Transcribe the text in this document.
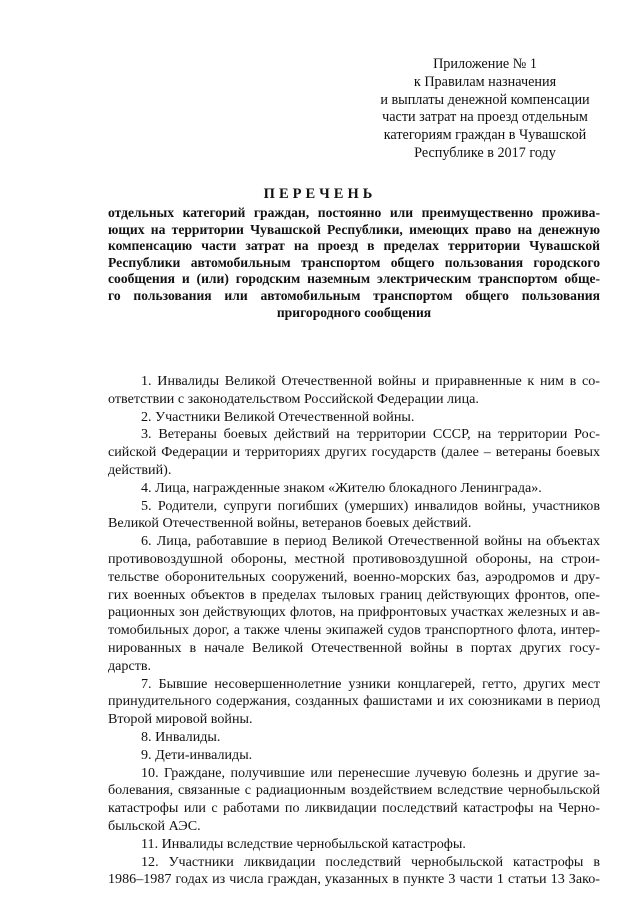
Приложение № 1
к Правилам назначения
и выплаты денежной компенсации
части затрат на проезд отдельным
категориям граждан в Чувашской
Республике в 2017 году
ПЕРЕЧЕНЬ
отдельных категорий граждан, постоянно или преимущественно прожива-
ющих на территории Чувашской Республики, имеющих право на денежную
компенсацию части затрат на проезд в пределах территории Чувашской
Республики автомобильным транспортом общего пользования городского
сообщения и (или) городским наземным электрическим транспортом обще-
го пользования или автомобильным транспортом общего пользования
пригородного сообщения
1. Инвалиды Великой Отечественной войны и приравненные к ним в со-
ответствии с законодательством Российской Федерации лица.
2. Участники Великой Отечественной войны.
3. Ветераны боевых действий на территории СССР, на территории Рос-
сийской Федерации и территориях других государств (далее – ветераны боевых
действий).
4. Лица, награжденные знаком «Жителю блокадного Ленинграда».
5. Родители, супруги погибших (умерших) инвалидов войны, участников
Великой Отечественной войны, ветеранов боевых действий.
6. Лица, работавшие в период Великой Отечественной войны на объектах
противовоздушной обороны, местной противовоздушной обороны, на строи-
тельстве оборонительных сооружений, военно-морских баз, аэродромов и дру-
гих военных объектов в пределах тыловых границ действующих фронтов, опе-
рационных зон действующих флотов, на прифронтовых участках железных и ав-
томобильных дорог, а также члены экипажей судов транспортного флота, интер-
нированных в начале Великой Отечественной войны в портах других госу-
дарств.
7. Бывшие несовершеннолетние узники концлагерей, гетто, других мест
принудительного содержания, созданных фашистами и их союзниками в период
Второй мировой войны.
8. Инвалиды.
9. Дети-инвалиды.
10. Граждане, получившие или перенесшие лучевую болезнь и другие за-
болевания, связанные с радиационным воздействием вследствие чернобыльской
катастрофы или с работами по ликвидации последствий катастрофы на Черно-
быльской АЭС.
11. Инвалиды вследствие чернобыльской катастрофы.
12. Участники ликвидации последствий чернобыльской катастрофы в
1986–1987 годах из числа граждан, указанных в пункте 3 части 1 статьи 13 Зако-
